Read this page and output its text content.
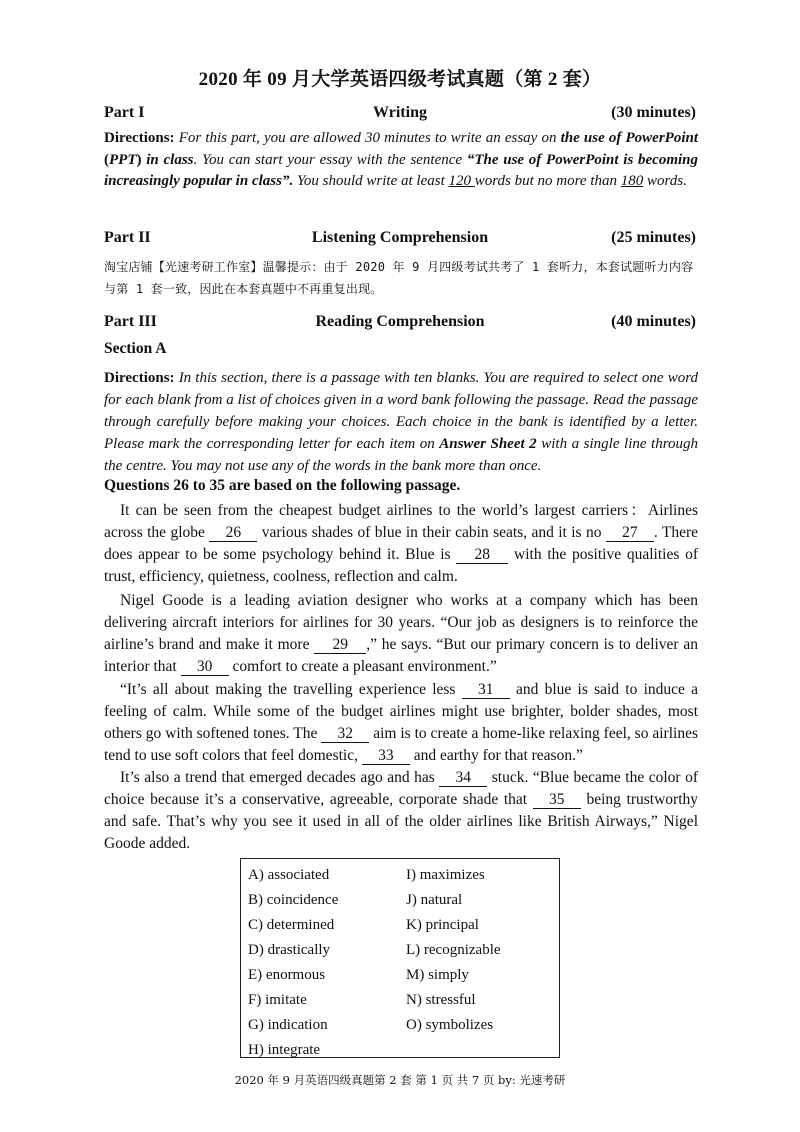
2020 年 09 月大学英语四级考试真题（第 2 套）
Part I	Writing	(30 minutes)
Directions: For this part, you are allowed 30 minutes to write an essay on the use of PowerPoint (PPT) in class. You can start your essay with the sentence “The use of PowerPoint is becoming increasingly popular in class”. You should write at least 120 words but no more than 180 words.
Part II	Listening Comprehension	(25 minutes)
淘宝店铺【光速考研工作室】温馨提示：由于 2020 年 9 月四级考试共考了 1 套听力，本套试题听力内容与第 1 套一致，因此在本套真题中不再重复出现。
Part III	Reading Comprehension	(40 minutes)
Section A
Directions: In this section, there is a passage with ten blanks. You are required to select one word for each blank from a list of choices given in a word bank following the passage. Read the passage through carefully before making your choices. Each choice in the bank is identified by a letter. Please mark the corresponding letter for each item on Answer Sheet 2 with a single line through the centre. You may not use any of the words in the bank more than once.
Questions 26 to 35 are based on the following passage.
It can be seen from the cheapest budget airlines to the world’s largest carriers：Airlines across the globe 26 various shades of blue in their cabin seats, and it is no 27 . There does appear to be some psychology behind it. Blue is 28 with the positive qualities of trust, efficiency, quietness, coolness, reflection and calm.
Nigel Goode is a leading aviation designer who works at a company which has been delivering aircraft interiors for airlines for 30 years. “Our job as designers is to reinforce the airline’s brand and make it more 29 ,” he says. “But our primary concern is to deliver an interior that 30 comfort to create a pleasant environment.”
“It’s all about making the travelling experience less 31 and blue is said to induce a feeling of calm. While some of the budget airlines might use brighter, bolder shades, most others go with softened tones. The 32 aim is to create a home-like relaxing feel, so airlines tend to use soft colors that feel domestic, 33 and earthy for that reason.”
It’s also a trend that emerged decades ago and has 34 stuck. “Blue became the color of choice because it’s a conservative, agreeable, corporate shade that 35 being trustworthy and safe. That’s why you see it used in all of the older airlines like British Airways,” Nigel Goode added.
A) associated
B) coincidence
C) determined
D) drastically
E) enormous
F) imitate
G) indication
H) integrate
I) maximizes
J) natural
K) principal
L) recognizable
M) simply
N) stressful
O) symbolizes
2020 年 9 月英语四级真题第 2 套 第 1 页 共 7 页 by: 光速考研
